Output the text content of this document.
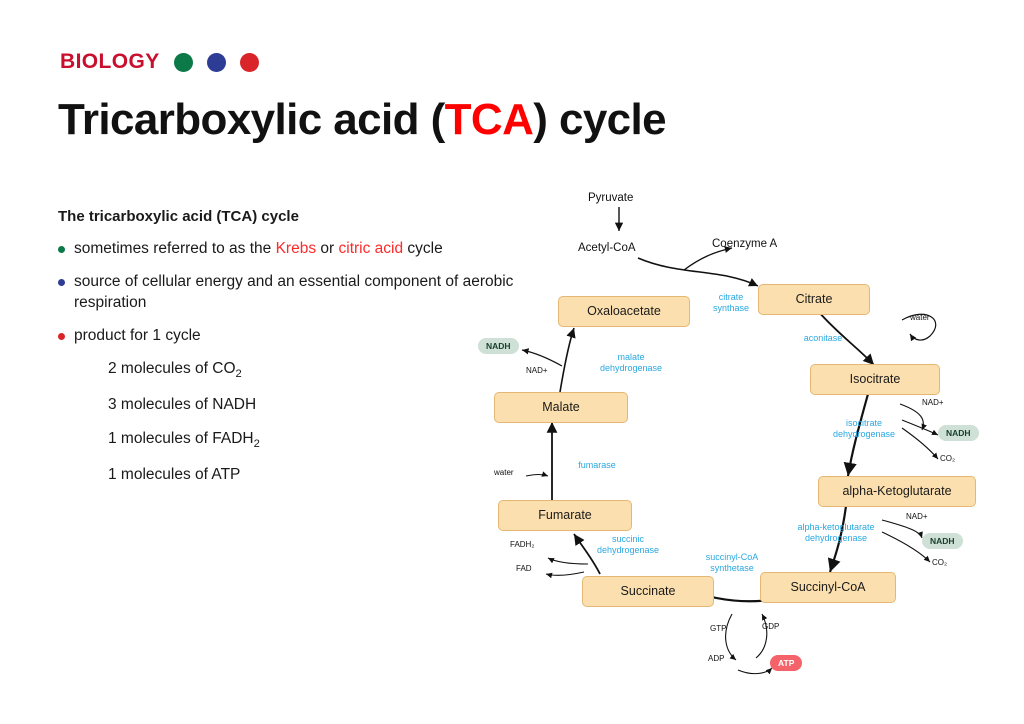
BIOLOGY
Tricarboxylic acid (TCA) cycle
The tricarboxylic acid (TCA) cycle
sometimes referred to as the Krebs or citric acid cycle
source of cellular energy and an essential component of aerobic respiration
product for 1 cycle
2 molecules of $CO_2$
3 molecules of NADH
1 molecules of $FADH_2$
1 molecules of ATP
Oxaloacetate
Citrate
Isocitrate
alpha-Ketoglutarate
Succinyl-CoA
Succinate
Fumarate
Malate
Pyruvate
Acetyl-CoA	Coenzyme A
citrate
synthase
aconitase
isocitrate
dehydrogenase
alpha-ketoglutarate
dehydrogenase
succinyl-CoA
synthetase
succinic
dehydrogenase
fumarase
malate
dehydrogenase
water
NAD+
CO₂
NAD+
CO₂
GTP	GDP
ADP
FADH₂
FAD
water
NAD+
NADH
NADH
NADH
ATP
